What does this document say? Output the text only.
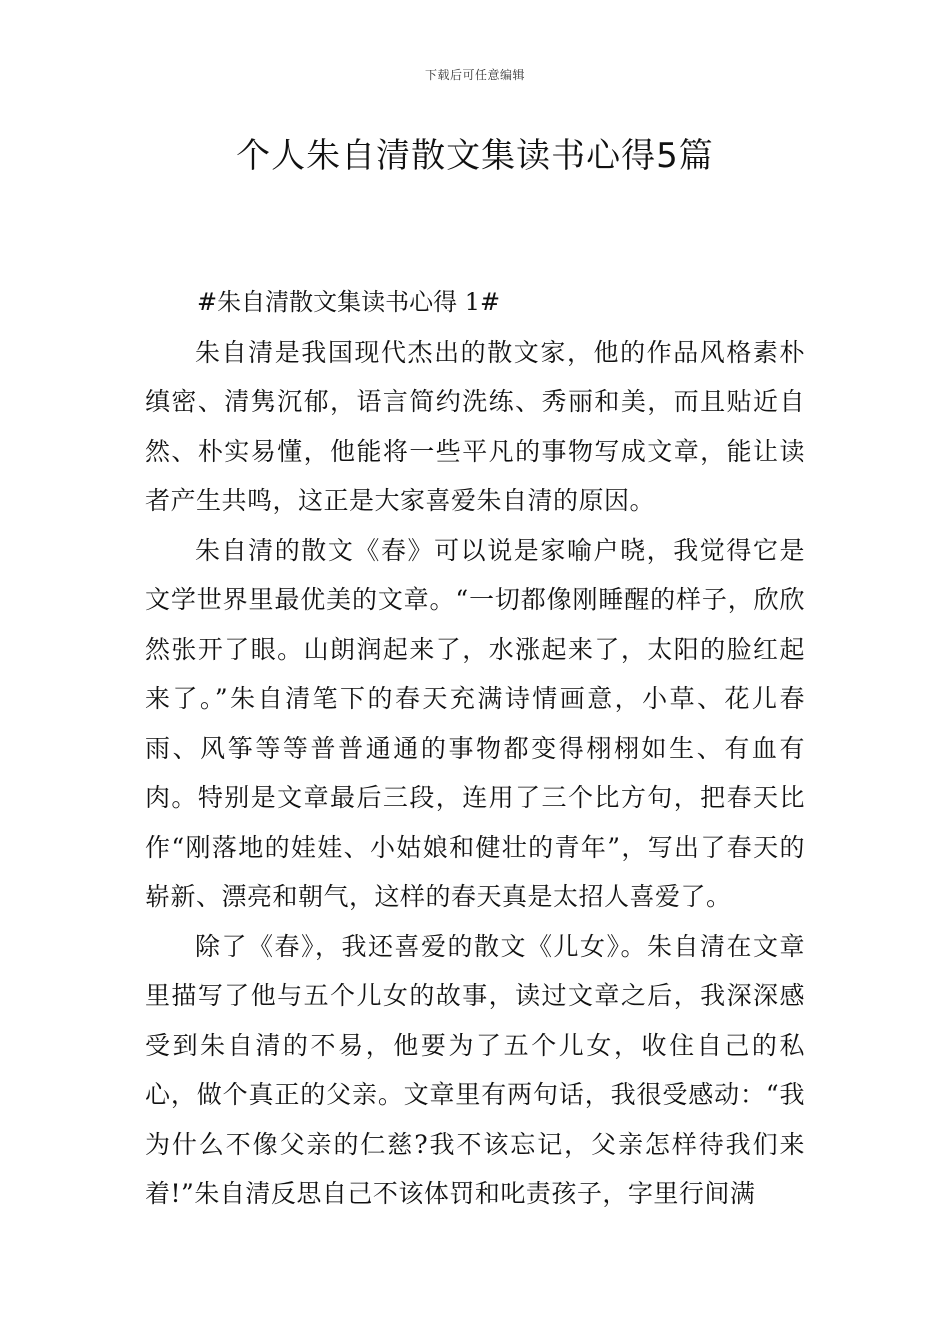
下载后可任意编辑
个人朱自清散文集读书心得5篇

#朱自清散文集读书心得 1#

朱自清是我国现代杰出的散文家，他的作品风格素朴缜密、清隽沉郁，语言简约洗练、秀丽和美，而且贴近自然、朴实易懂，他能将一些平凡的事物写成文章，能让读者产生共鸣，这正是大家喜爱朱自清的原因。

朱自清的散文《春》可以说是家喻户晓，我觉得它是文学世界里最优美的文章。“一切都像刚睡醒的样子，欣欣然张开了眼。山朗润起来了，水涨起来了，太阳的脸红起来了。”朱自清笔下的春天充满诗情画意，小草、花儿春雨、风筝等等普普通通的事物都变得栩栩如生、有血有肉。特别是文章最后三段，连用了三个比方句，把春天比作“刚落地的娃娃、小姑娘和健壮的青年”，写出了春天的崭新、漂亮和朝气，这样的春天真是太招人喜爱了。

除了《春》，我还喜爱的散文《儿女》。朱自清在文章里描写了他与五个儿女的故事，读过文章之后，我深深感受到朱自清的不易，他要为了五个儿女，收住自己的私心，做个真正的父亲。文章里有两句话，我很受感动：“我为什么不像父亲的仁慈?我不该忘记，父亲怎样待我们来着!”朱自清反思自己不该体罚和叱责孩子，字里行间满
